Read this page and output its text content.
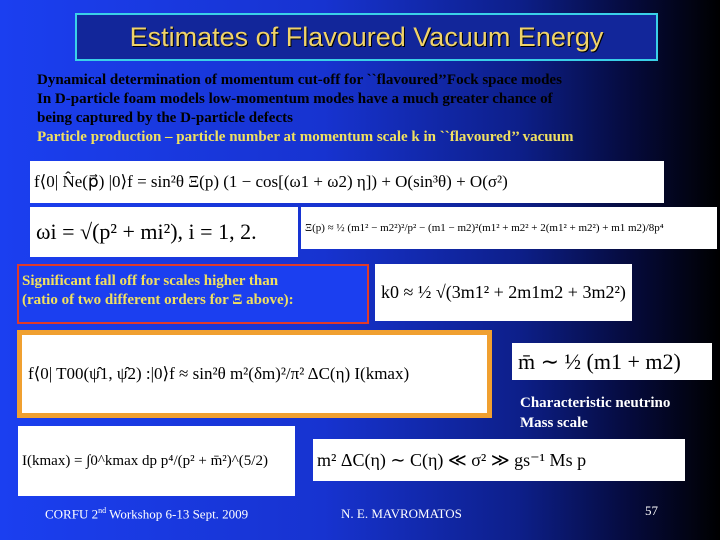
Estimates of Flavoured Vacuum Energy
Dynamical determination of momentum cut-off for ``flavoured’’Fock space modes
In D-particle foam models low-momentum modes have a much greater chance of
being captured by the D-particle defects
Particle production – particle number at momentum scale k in ``flavoured’’ vacuum
f⟨0| N̂e(p⃗) |0⟩f = sin²θ Ξ(p) (1 − cos[(ω1 + ω2) η]) + O(sin³θ) + O(σ²)
ωi = √(p² + mi²), i = 1, 2.	Ξ(p) ≈ ½ (m1² − m2²)²/p² − (m1 − m2)²(m1² + m2² + 2(m1² + m2²) + m1 m2)/8p⁴
Significant fall off for scales higher than
(ratio of two different orders for Ξ above):	k0 ≈ ½ √(3m1² + 2m1m2 + 3m2²)
f⟨0| T00(ψ̂1, ψ̂2) :|0⟩f ≈ sin²θ m²(δm)²/π² ΔC(η) I(kmax)	m̄ ∼ ½ (m1 + m2)
Characteristic neutrino
Mass scale
I(kmax) = ∫0^kmax dp p⁴/(p² + m̄²)^(5/2)	m² ΔC(η) ∼ C(η) ≪ σ² ≫ gs⁻¹ Ms p
CORFU 2nd Workshop 6-13 Sept. 2009	N. E. MAVROMATOS	57
